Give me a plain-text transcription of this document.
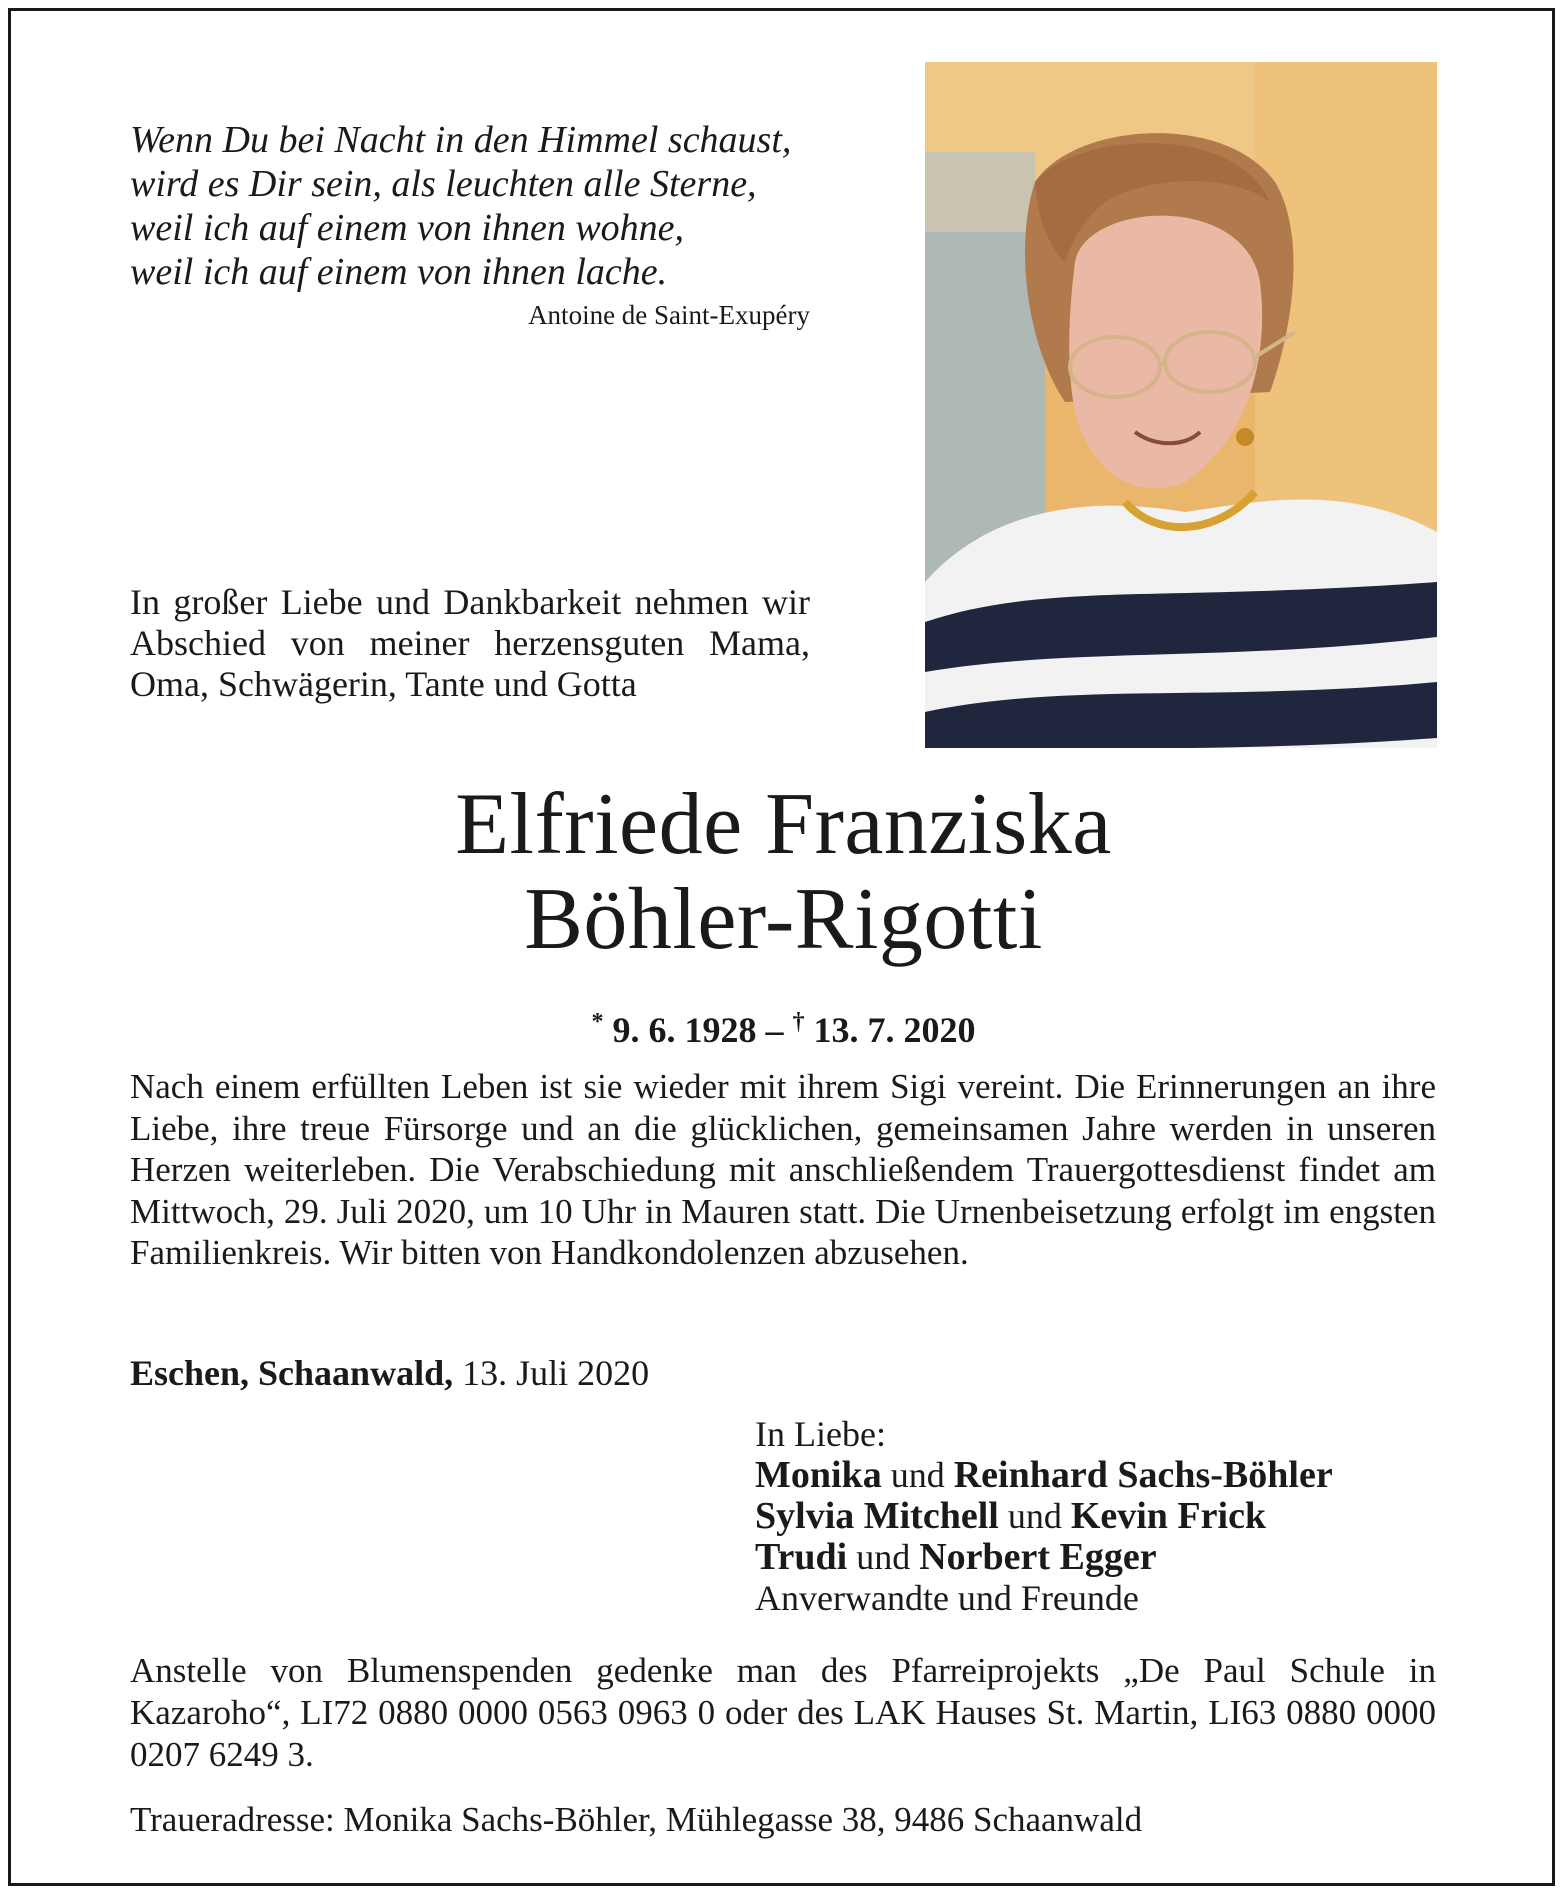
Wenn Du bei Nacht in den Himmel schaust,

wird es Dir sein, als leuchten alle Sterne,

weil ich auf einem von ihnen wohne,

weil ich auf einem von ihnen lache.

Antoine de Saint-Exupéry
In großer Liebe und Dankbarkeit nehmen wir Abschied von meiner herzensguten Mama, Oma, Schwägerin, Tante und Gotta
Elfriede Franziska
Böhler-Rigotti
* 9. 6. 1928 – † 13. 7. 2020
Nach einem erfüllten Leben ist sie wieder mit ihrem Sigi vereint. Die Erinnerungen an ihre Liebe, ihre treue Fürsorge und an die glücklichen, gemeinsamen Jahre werden in unseren Herzen weiterleben. Die Verabschiedung mit anschließendem Trauergottesdienst findet am Mittwoch, 29. Juli 2020, um 10 Uhr in Mauren statt. Die Urnenbeisetzung erfolgt im engsten Familienkreis. Wir bitten von Handkondolenzen abzusehen.
Eschen, Schaanwald, 13. Juli 2020
In Liebe:
Monika und Reinhard Sachs-Böhler
Sylvia Mitchell und Kevin Frick
Trudi und Norbert Egger
Anverwandte und Freunde
Anstelle von Blumenspenden gedenke man des Pfarreiprojekts „De Paul Schule in Kazaroho“, LI72 0880 0000 0563 0963 0 oder des LAK Hauses St. Martin, LI63 0880 0000 0207 6249 3.
Traueradresse: Monika Sachs-Böhler, Mühlegasse 38, 9486 Schaanwald
